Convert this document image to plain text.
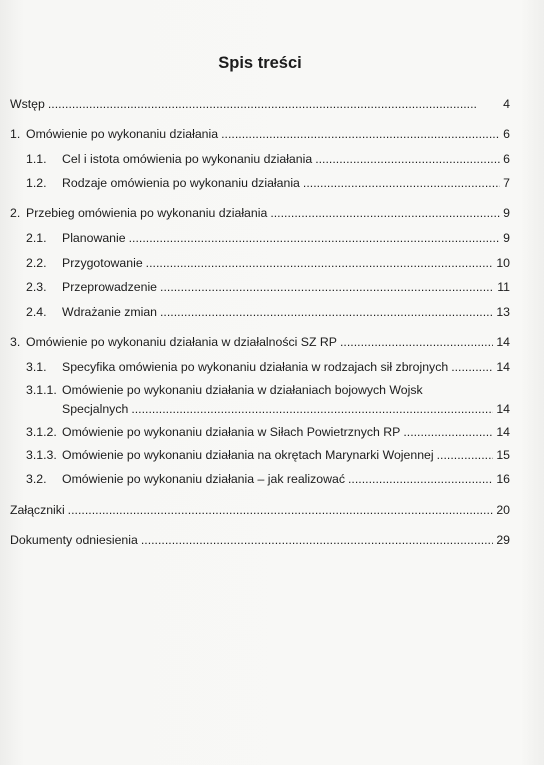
Spis treści
Wstęp . . .	4
1. Omówienie po wykonaniu działania . . .	6
1.1.	Cel i istota omówienia po wykonaniu działania . . .	6
1.2.	Rodzaje omówienia po wykonaniu działania . . .	7
2. Przebieg omówienia po wykonaniu działania . . .	9
2.1.	Planowanie . . .	9
2.2.	Przygotowanie . . .	10
2.3.	Przeprowadzenie . . .	11
2.4.	Wdrażanie zmian . . .	13
3. Omówienie po wykonaniu działania w działalności SZ RP . . .	14
3.1.	Specyfika omówienia po wykonaniu działania w rodzajach sił zbrojnych . . .	14
3.1.1. Omówienie po wykonaniu działania w działaniach bojowych Wojsk
Specjalnych . . .	14
3.1.2. Omówienie po wykonaniu działania w Siłach Powietrznych RP . . .	14
3.1.3. Omówienie po wykonaniu działania na okrętach Marynarki Wojennej . . .	15
3.2.	Omówienie po wykonaniu działania – jak realizować . . .	16
Załączniki . . .	20
Dokumenty odniesienia . . .	29
